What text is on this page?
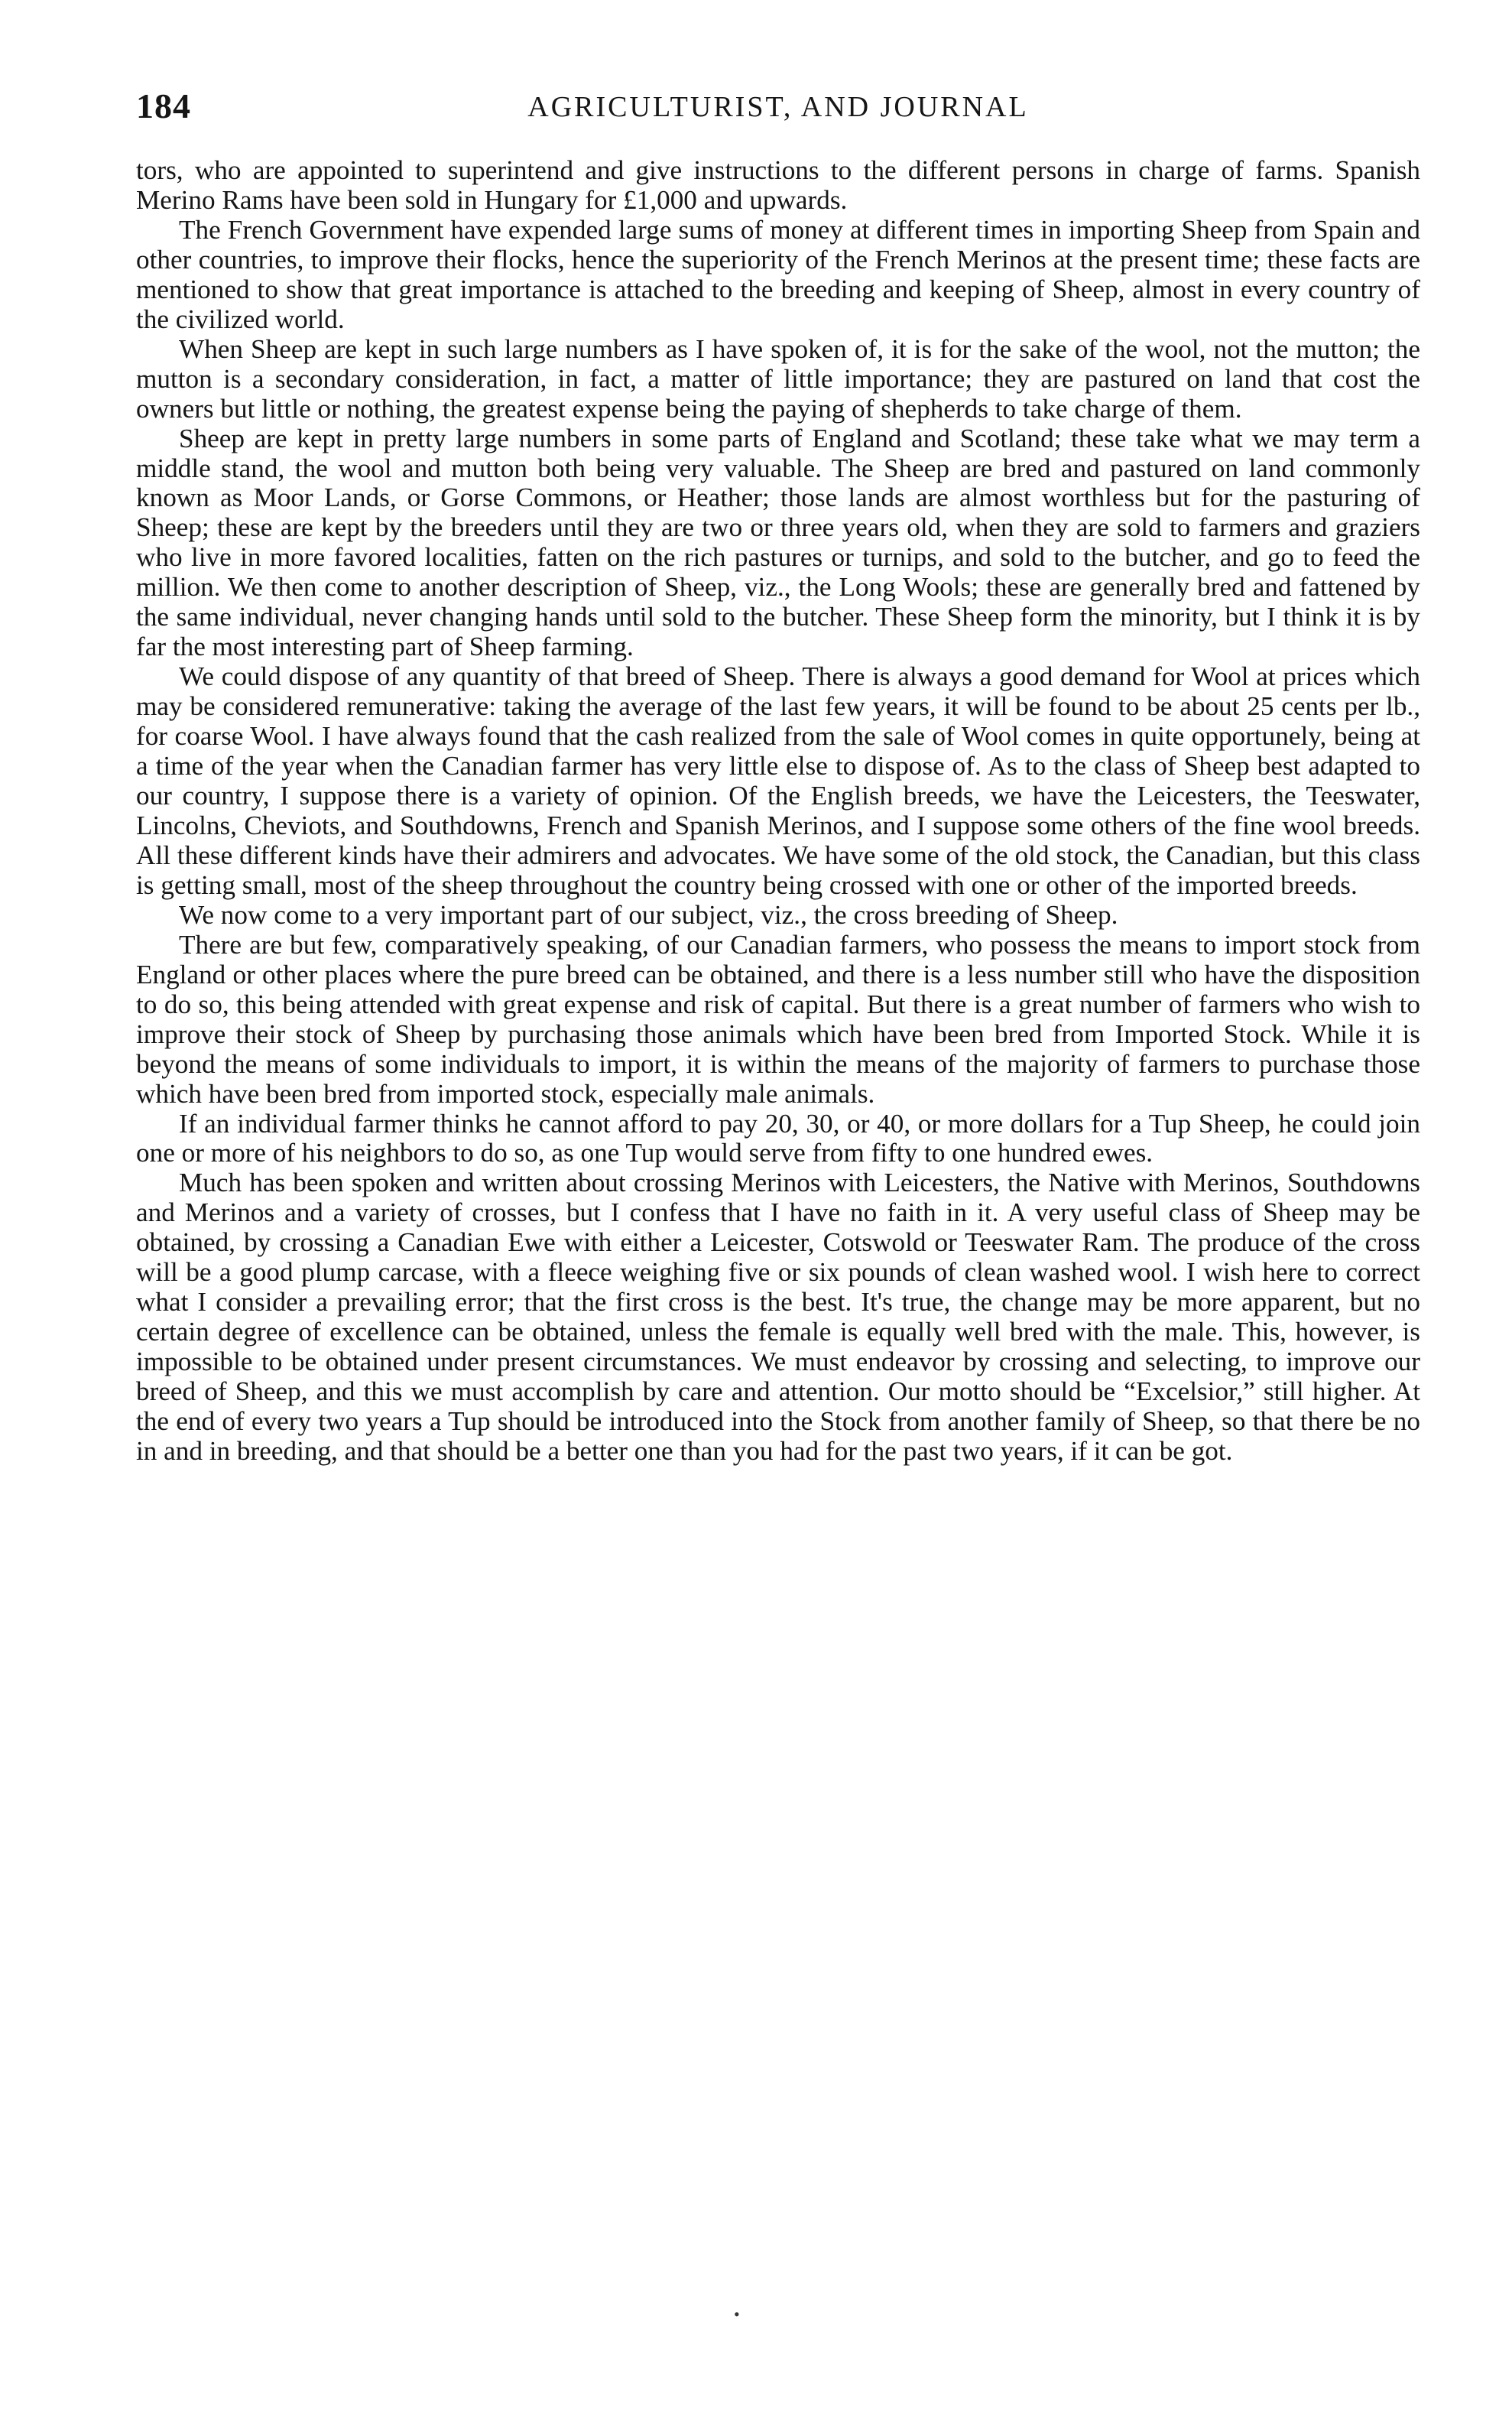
184	AGRICULTURIST, AND JOURNAL

tors, who are appointed to superintend and give instructions to the different persons in charge of farms. Spanish Merino Rams have been sold in Hungary for £1,000 and upwards.

The French Government have expended large sums of money at different times in importing Sheep from Spain and other countries, to improve their flocks, hence the superiority of the French Merinos at the present time; these facts are mentioned to show that great importance is attached to the breeding and keeping of Sheep, almost in every country of the civilized world.

When Sheep are kept in such large numbers as I have spoken of, it is for the sake of the wool, not the mutton; the mutton is a secondary consideration, in fact, a matter of little importance; they are pastured on land that cost the owners but little or nothing, the greatest expense being the paying of shepherds to take charge of them.

Sheep are kept in pretty large numbers in some parts of England and Scotland; these take what we may term a middle stand, the wool and mutton both being very valuable. The Sheep are bred and pastured on land commonly known as Moor Lands, or Gorse Commons, or Heather; those lands are almost worthless but for the pasturing of Sheep; these are kept by the breeders until they are two or three years old, when they are sold to farmers and graziers who live in more favored localities, fatten on the rich pastures or turnips, and sold to the butcher, and go to feed the million. We then come to another description of Sheep, viz., the Long Wools; these are generally bred and fattened by the same individual, never changing hands until sold to the butcher. These Sheep form the minority, but I think it is by far the most interesting part of Sheep farming.

We could dispose of any quantity of that breed of Sheep. There is always a good demand for Wool at prices which may be considered remunerative: taking the average of the last few years, it will be found to be about 25 cents per lb., for coarse Wool. I have always found that the cash realized from the sale of Wool comes in quite opportunely, being at a time of the year when the Canadian farmer has very little else to dispose of. As to the class of Sheep best adapted to our country, I suppose there is a variety of opinion. Of the English breeds, we have the Leicesters, the Teeswater, Lincolns, Cheviots, and Southdowns, French and Spanish Merinos, and I suppose some others of the fine wool breeds. All these different kinds have their admirers and advocates. We have some of the old stock, the Canadian, but this class is getting small, most of the sheep throughout the country being crossed with one or other of the imported breeds.

We now come to a very important part of our subject, viz., the cross breeding of Sheep.

There are but few, comparatively speaking, of our Canadian farmers, who possess the means to import stock from England or other places where the pure breed can be obtained, and there is a less number still who have the disposition to do so, this being attended with great expense and risk of capital. But there is a great number of farmers who wish to improve their stock of Sheep by purchasing those animals which have been bred from Imported Stock. While it is beyond the means of some individuals to import, it is within the means of the majority of farmers to purchase those which have been bred from imported stock, especially male animals.

If an individual farmer thinks he cannot afford to pay 20, 30, or 40, or more dollars for a Tup Sheep, he could join one or more of his neighbors to do so, as one Tup would serve from fifty to one hundred ewes.

Much has been spoken and written about crossing Merinos with Leicesters, the Native with Merinos, Southdowns and Merinos and a variety of crosses, but I confess that I have no faith in it. A very useful class of Sheep may be obtained, by crossing a Canadian Ewe with either a Leicester, Cotswold or Teeswater Ram. The produce of the cross will be a good plump carcase, with a fleece weighing five or six pounds of clean washed wool. I wish here to correct what I consider a prevailing error; that the first cross is the best. It's true, the change may be more apparent, but no certain degree of excellence can be obtained, unless the female is equally well bred with the male. This, however, is impossible to be obtained under present circumstances. We must endeavor by crossing and selecting, to improve our breed of Sheep, and this we must accomplish by care and attention. Our motto should be “Excelsior,” still higher. At the end of every two years a Tup should be introduced into the Stock from another family of Sheep, so that there be no in and in breeding, and that should be a better one than you had for the past two years, if it can be got.

•
